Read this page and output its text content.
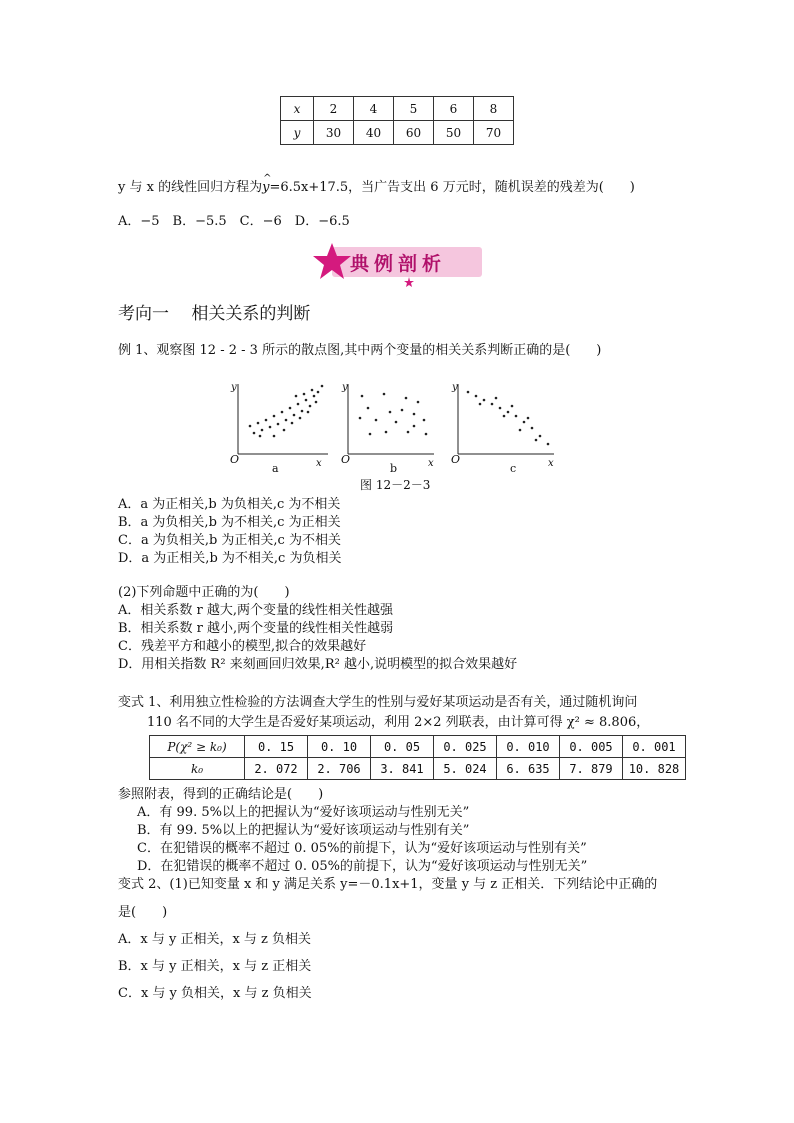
x	2	4	5	6	8
y	30	40	60	50	70
y 与 x 的线性回归方程为
^
y=6.5x+17.5，当广告支出 6 万元时，随机误差的残差为(　　)
A．−5　B．−5.5　C．−6　D．−6.5
典例剖析
考向一　 相关关系的判断
例 1、观察图 12 - 2 - 3 所示的散点图,其中两个变量的相关关系判断正确的是(　　)
y
O	x
a
y
O	x
b
y
O	x
c
图 12－2－3
A．a 为正相关,b 为负相关,c 为不相关
B．a 为负相关,b 为不相关,c 为正相关
C．a 为负相关,b 为正相关,c 为不相关
D．a 为正相关,b 为不相关,c 为负相关
(2)下列命题中正确的为(　　)
A．相关系数 r 越大,两个变量的线性相关性越强
B．相关系数 r 越小,两个变量的线性相关性越弱
C．残差平方和越小的模型,拟合的效果越好
D．用相关指数 R² 来刻画回归效果,R² 越小,说明模型的拟合效果越好
变式 1、利用独立性检验的方法调查大学生的性别与爱好某项运动是否有关，通过随机询问
110 名不同的大学生是否爱好某项运动，利用 2×2 列联表，由计算可得 χ² ≈ 8.806，
P(χ² ≥ k₀)	0. 15	0. 10	0. 05	0. 025	0. 010	0. 005	0. 001
k₀	2. 072	2. 706	3. 841	5. 024	6. 635	7. 879	10. 828
参照附表，得到的正确结论是(　　)
A．有 99. 5%以上的把握认为“爱好该项运动与性别无关”
B．有 99. 5%以上的把握认为“爱好该项运动与性别有关”
C．在犯错误的概率不超过 0. 05%的前提下，认为“爱好该项运动与性别有关”
D．在犯错误的概率不超过 0. 05%的前提下，认为“爱好该项运动与性别无关”
变式 2、(1)已知变量 x 和 y 满足关系 y=－0.1x+1，变量 y 与 z 正相关．下列结论中正确的
是(　　)
A．x 与 y 正相关，x 与 z 负相关
B．x 与 y 正相关，x 与 z 正相关
C．x 与 y 负相关，x 与 z 负相关
